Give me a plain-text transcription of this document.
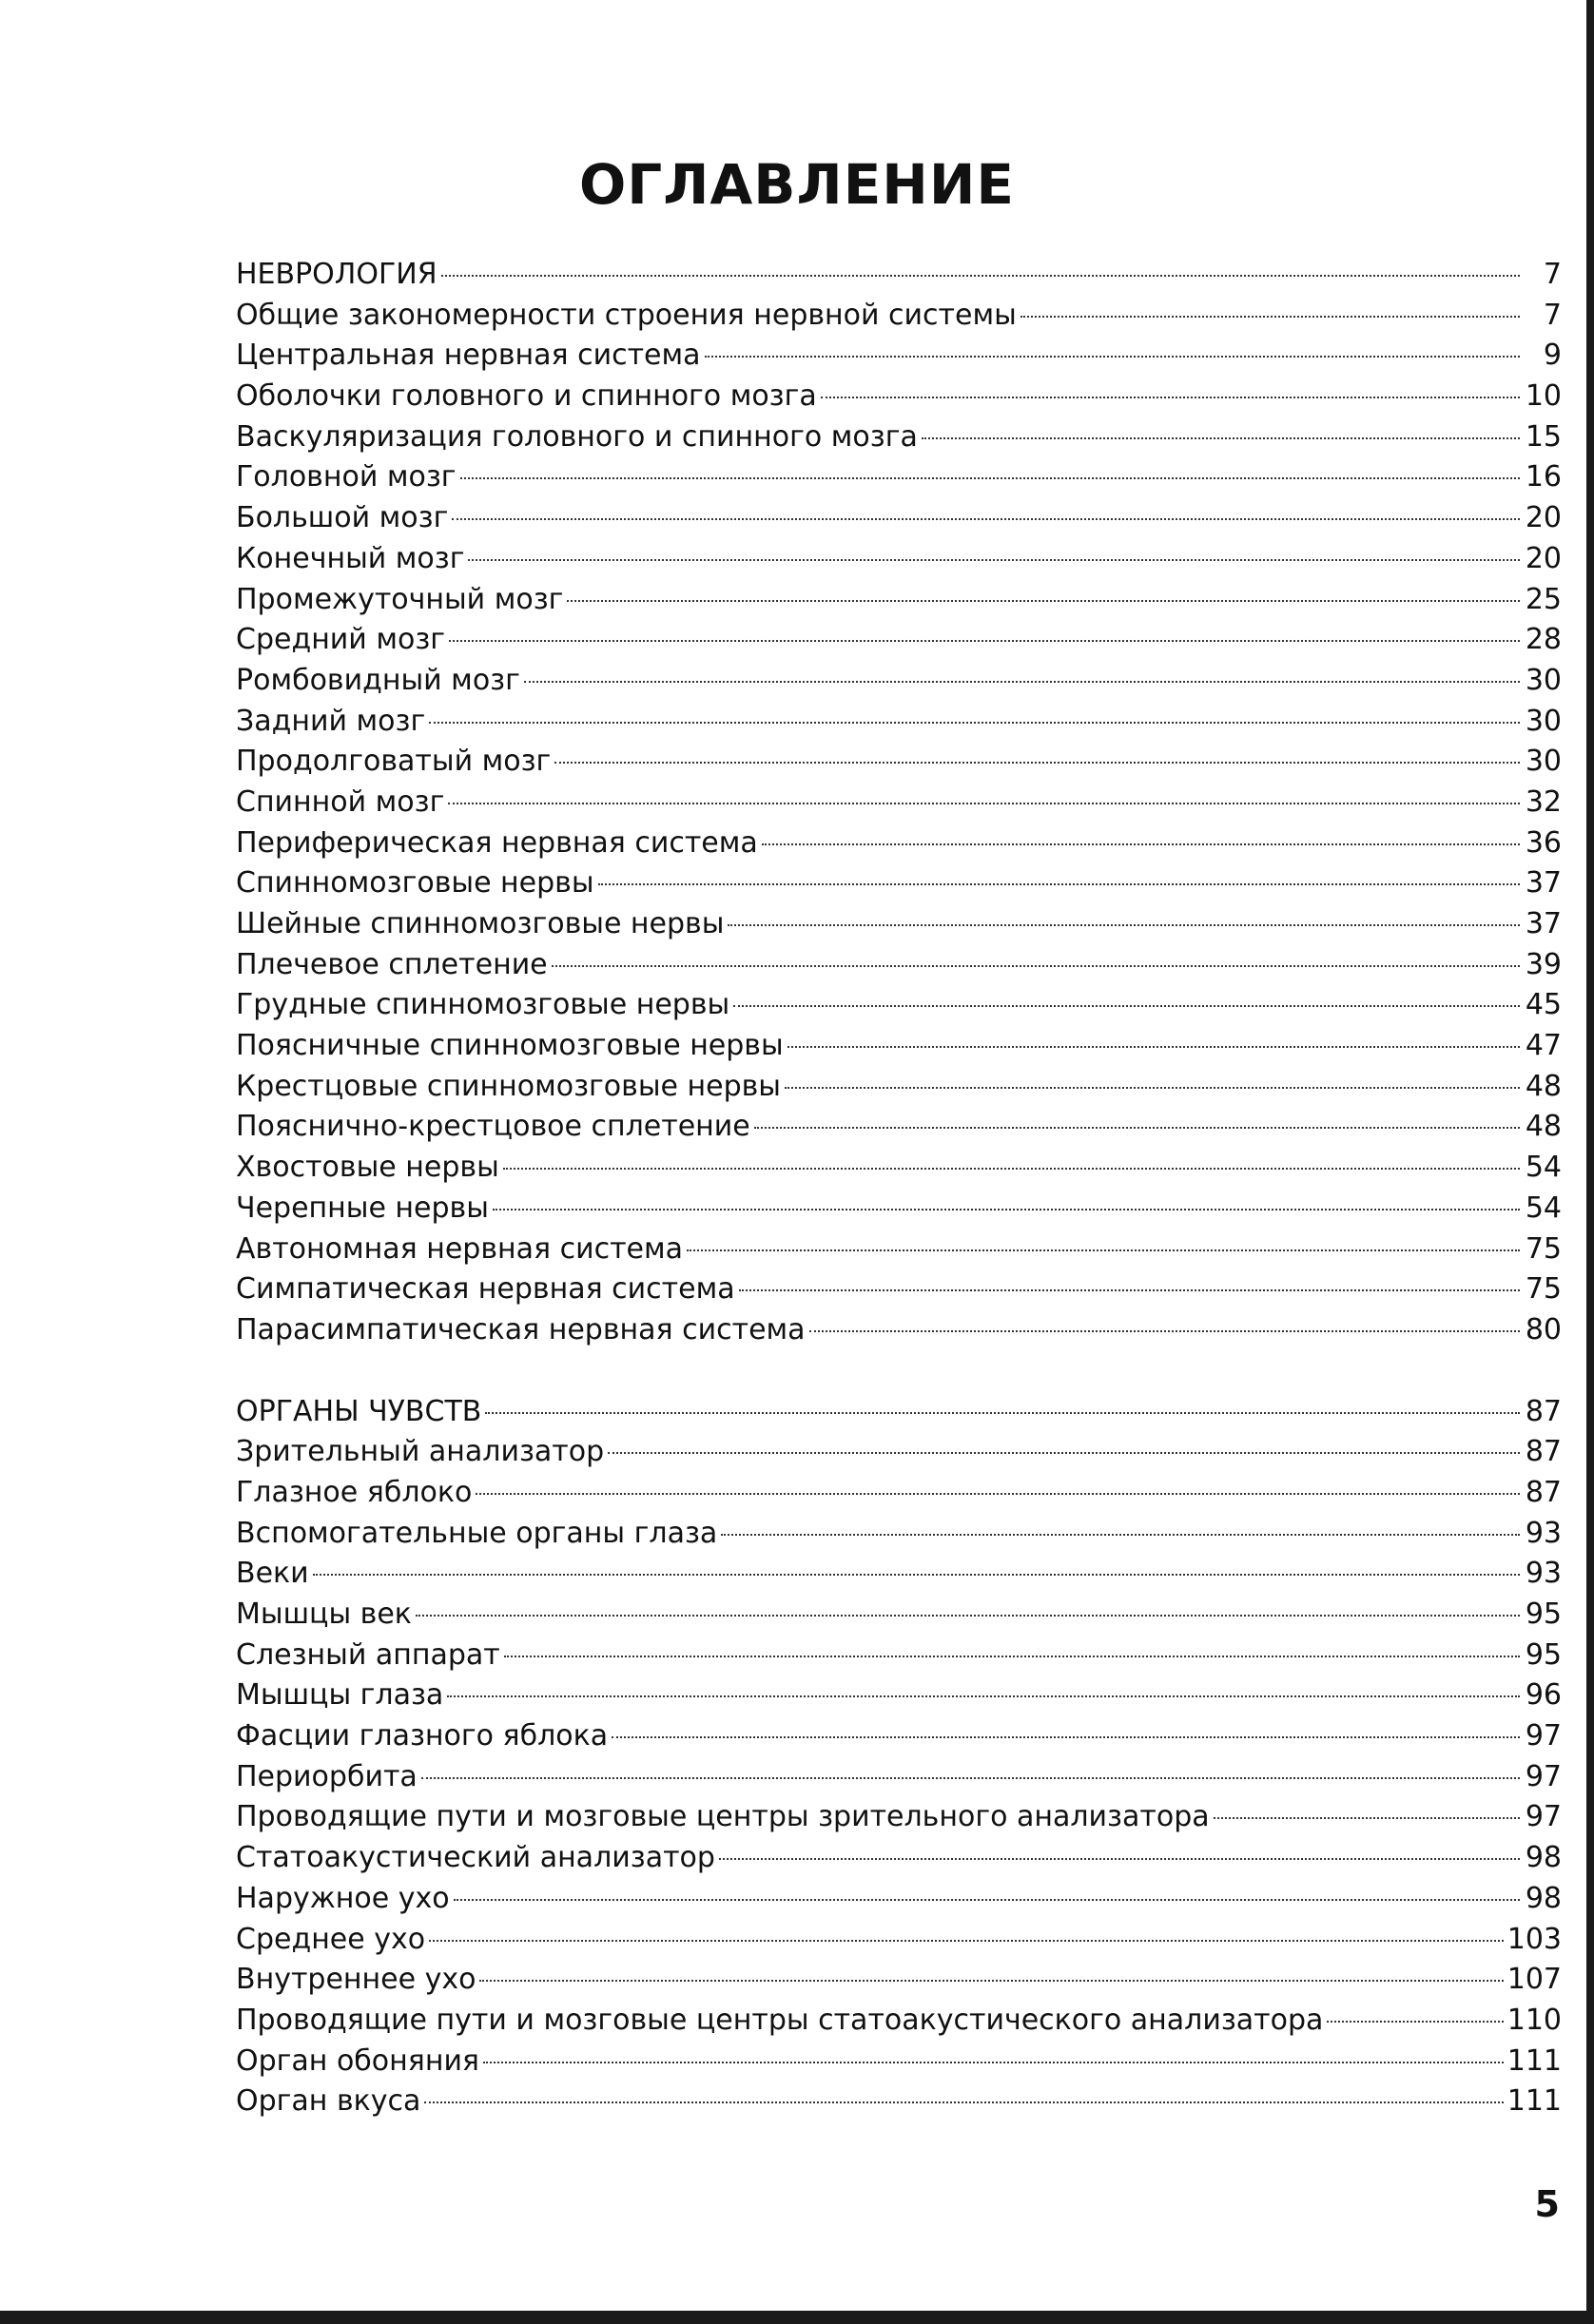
ОГЛАВЛЕНИЕ
НЕВРОЛОГИЯ	7
Общие закономерности строения нервной системы	7
Центральная нервная система	9
Оболочки головного и спинного мозга	10
Васкуляризация головного и спинного мозга	15
Головной мозг	16
Большой мозг	20
Конечный мозг	20
Промежуточный мозг	25
Средний мозг	28
Ромбовидный мозг	30
Задний мозг	30
Продолговатый мозг	30
Спинной мозг	32
Периферическая нервная система	36
Спинномозговые нервы	37
Шейные спинномозговые нервы	37
Плечевое сплетение	39
Грудные спинномозговые нервы	45
Поясничные спинномозговые нервы	47
Крестцовые спинномозговые нервы	48
Пояснично-крестцовое сплетение	48
Хвостовые нервы	54
Черепные нервы	54
Автономная нервная система	75
Симпатическая нервная система	75
Парасимпатическая нервная система	80
ОРГАНЫ ЧУВСТВ	87
Зрительный анализатор	87
Глазное яблоко	87
Вспомогательные органы глаза	93
Веки	93
Мышцы век	95
Слезный аппарат	95
Мышцы глаза	96
Фасции глазного яблока	97
Периорбита	97
Проводящие пути и мозговые центры зрительного анализатора	97
Статоакустический анализатор	98
Наружное ухо	98
Среднее ухо	103
Внутреннее ухо	107
Проводящие пути и мозговые центры статоакустического анализатора	110
Орган обоняния	111
Орган вкуса	111
5
